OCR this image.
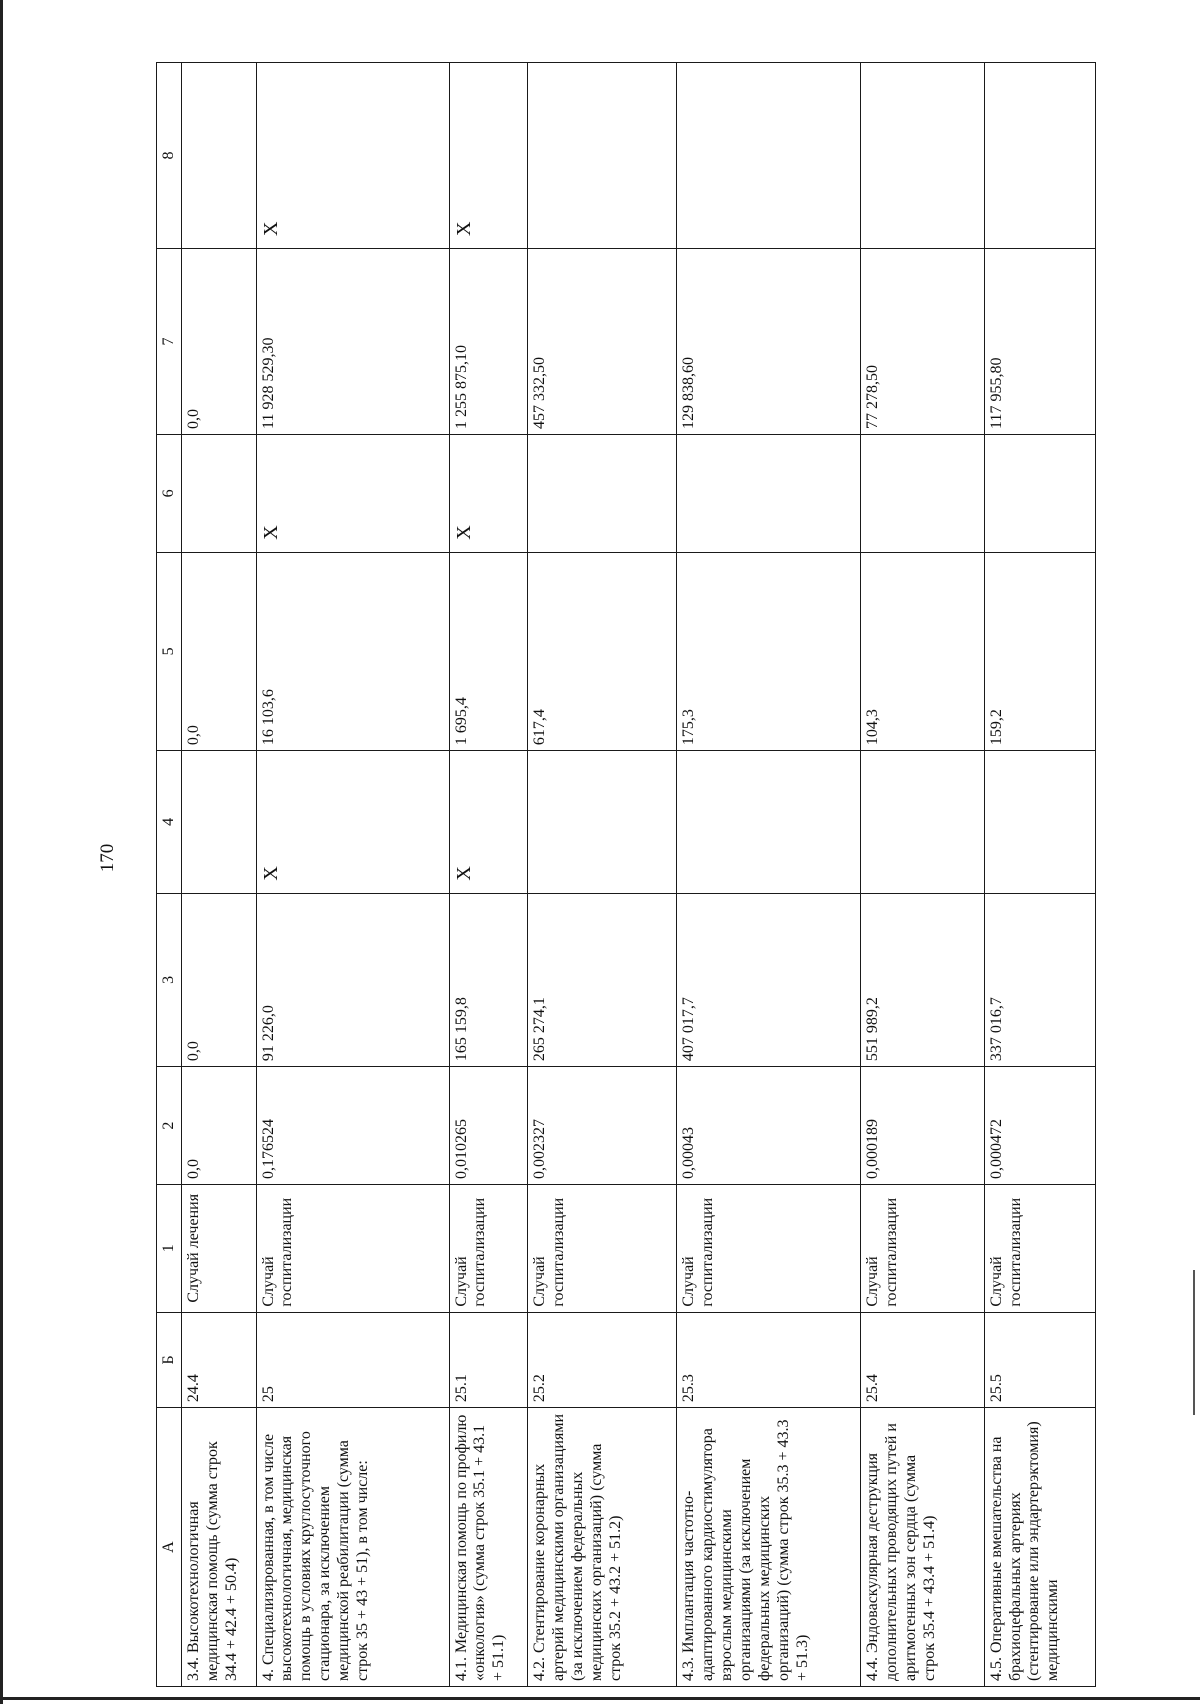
170
А	Б	1	2	3	4	5	6	7	8
3.4. Высокотехнологичная медицинская помощь (сумма строк 34.4 + 42.4 + 50.4)	24.4	Случай лечения	0,0	0,0		0,0		0,0	
4. Специализированная, в том числе высокотехнологичная, медицинская помощь в условиях круглосуточного стационара, за исключением медицинской реабилитации (сумма строк 35 + 43 + 51), в том числе:	25	Случай госпитализации	0,176524	91 226,0	Х	16 103,6	Х	11 928 529,30	Х
4.1. Медицинская помощь по профилю «онкология» (сумма строк 35.1 + 43.1 + 51.1)	25.1	Случай госпитализации	0,010265	165 159,8	Х	1 695,4	Х	1 255 875,10	Х
4.2. Стентирование коронарных артерий медицинскими организациями (за исключением федеральных медицинских организаций) (сумма строк 35.2 + 43.2 + 51.2)	25.2	Случай госпитализации	0,002327	265 274,1		617,4		457 332,50	
4.3. Имплантация частотно-адаптированного кардиостимулятора взрослым медицинскими организациями (за исключением федеральных медицинских организаций) (сумма строк 35.3 + 43.3 + 51.3)	25.3	Случай госпитализации	0,00043	407 017,7		175,3		129 838,60	
4.4. Эндоваскулярная деструкция дополнительных проводящих путей и аритмогенных зон сердца (сумма строк 35.4 + 43.4 + 51.4)	25.4	Случай госпитализации	0,000189	551 989,2		104,3		77 278,50	
4.5. Оперативные вмешательства на брахиоцефальных артериях (стентирование или эндартерэктомия) медицинскими	25.5	Случай госпитализации	0,000472	337 016,7		159,2		117 955,80	
